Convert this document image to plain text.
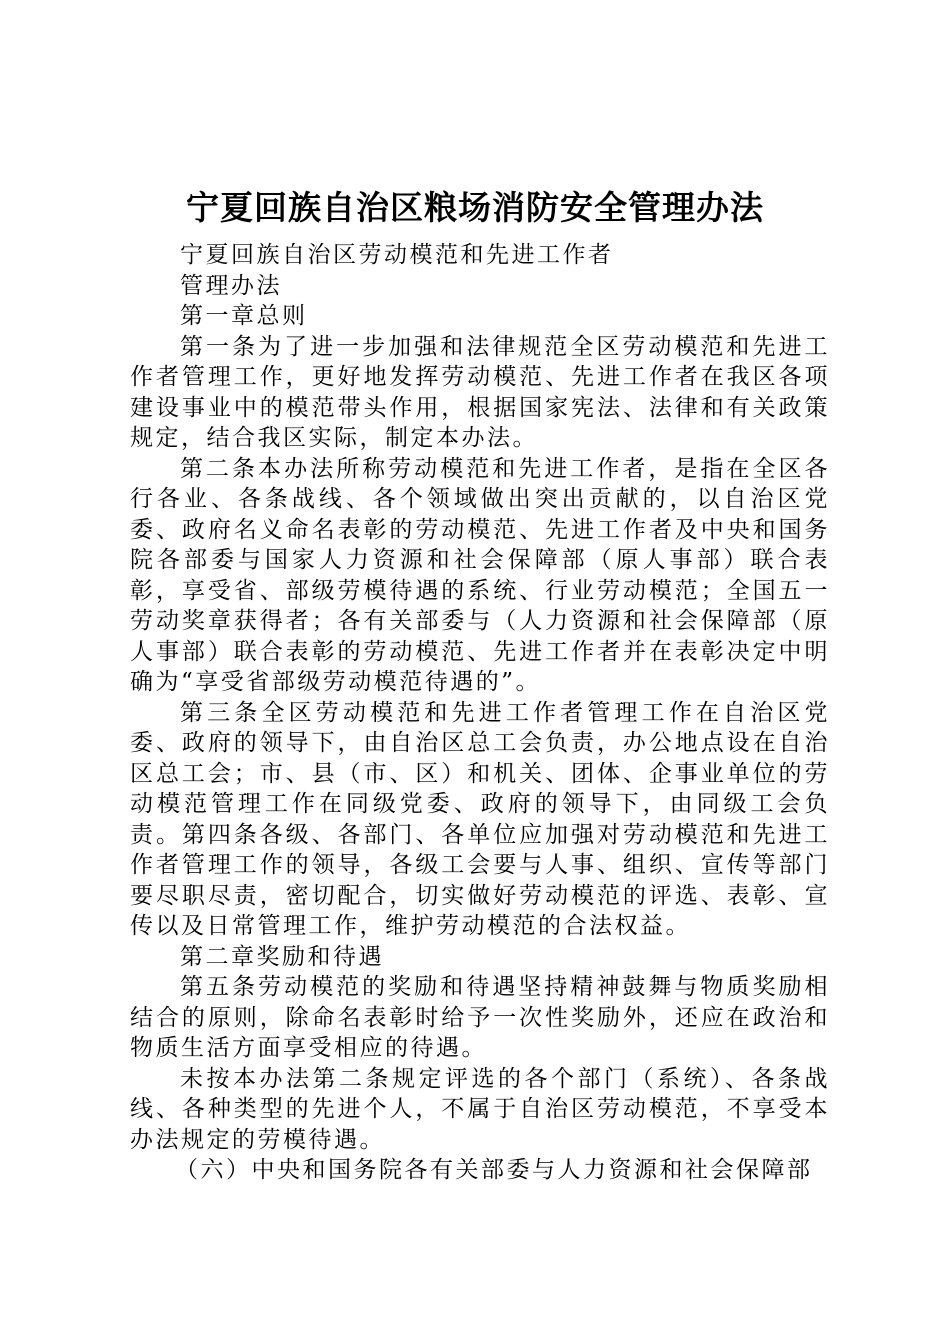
宁夏回族自治区粮场消防安全管理办法

宁夏回族自治区劳动模范和先进工作者

管理办法

第一章总则

第一条为了进一步加强和法律规范全区劳动模范和先进工作者管理工作，更好地发挥劳动模范、先进工作者在我区各项建设事业中的模范带头作用，根据国家宪法、法律和有关政策规定，结合我区实际，制定本办法。

第二条本办法所称劳动模范和先进工作者，是指在全区各行各业、各条战线、各个领域做出突出贡献的，以自治区党委、政府名义命名表彰的劳动模范、先进工作者及中央和国务院各部委与国家人力资源和社会保障部（原人事部）联合表彰，享受省、部级劳模待遇的系统、行业劳动模范；全国五一劳动奖章获得者；各有关部委与（人力资源和社会保障部（原人事部）联合表彰的劳动模范、先进工作者并在表彰决定中明确为“享受省部级劳动模范待遇的”。

第三条全区劳动模范和先进工作者管理工作在自治区党委、政府的领导下，由自治区总工会负责，办公地点设在自治区总工会；市、县（市、区）和机关、团体、企事业单位的劳动模范管理工作在同级党委、政府的领导下，由同级工会负责。第四条各级、各部门、各单位应加强对劳动模范和先进工作者管理工作的领导，各级工会要与人事、组织、宣传等部门要尽职尽责，密切配合，切实做好劳动模范的评选、表彰、宣传以及日常管理工作，维护劳动模范的合法权益。

第二章奖励和待遇

第五条劳动模范的奖励和待遇坚持精神鼓舞与物质奖励相结合的原则，除命名表彰时给予一次性奖励外，还应在政治和物质生活方面享受相应的待遇。

未按本办法第二条规定评选的各个部门（系统）、各条战线、各种类型的先进个人，不属于自治区劳动模范，不享受本办法规定的劳模待遇。

（六）中央和国务院各有关部委与人力资源和社会保障部
